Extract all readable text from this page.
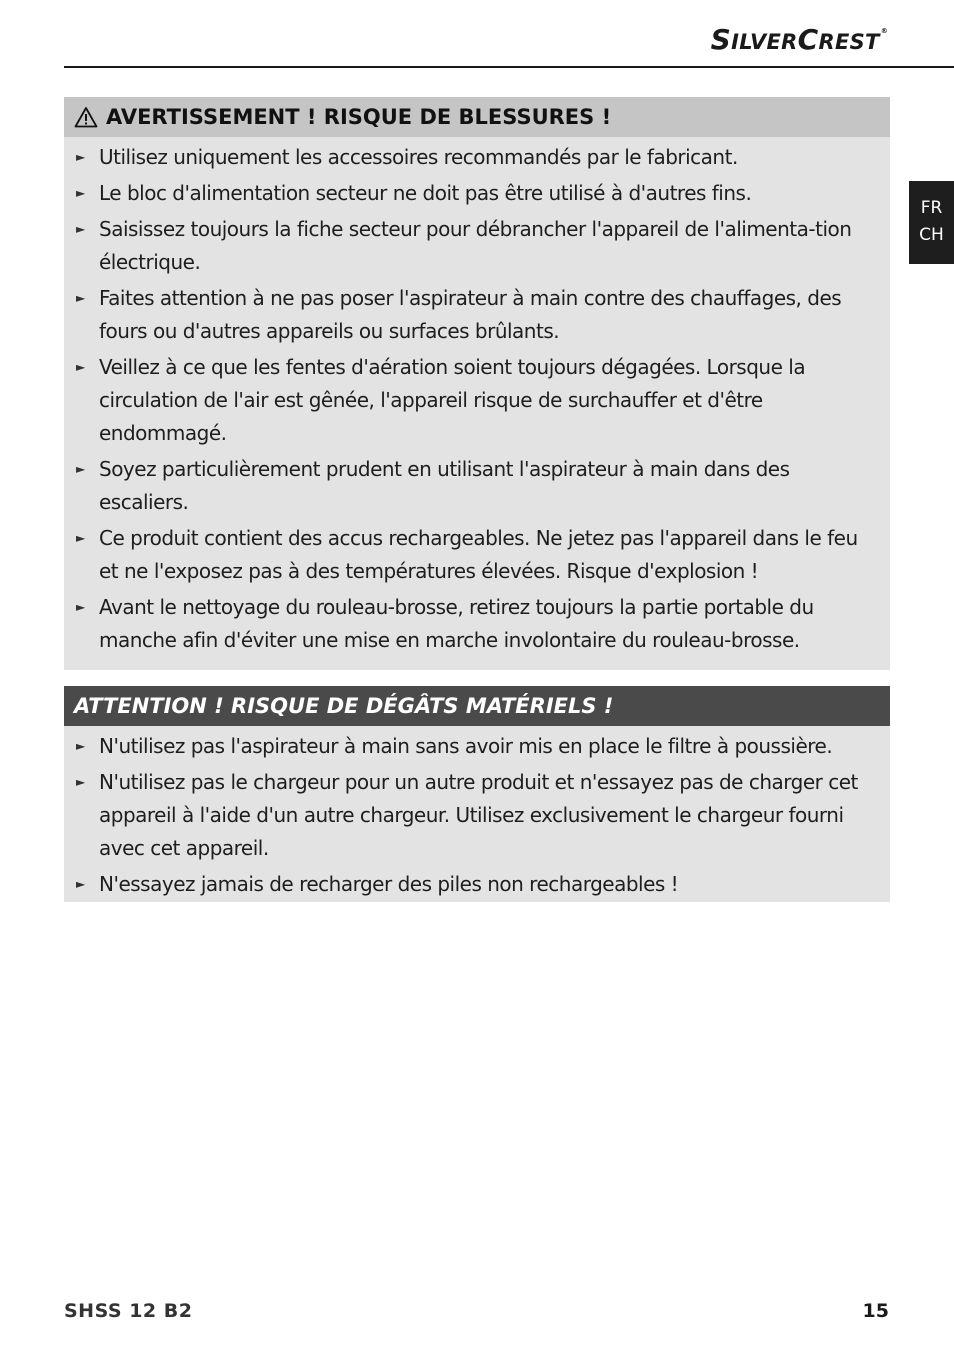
SILVERCREST®
FR
CH
AVERTISSEMENT ! RISQUE DE BLESSURES !
► Utilisez uniquement les accessoires recommandés par le fabricant.
► Le bloc d'alimentation secteur ne doit pas être utilisé à d'autres fins.
► Saisissez toujours la fiche secteur pour débrancher l'appareil de l'alimenta-tion électrique.
► Faites attention à ne pas poser l'aspirateur à main contre des chauffages, des fours ou d'autres appareils ou surfaces brûlants.
► Veillez à ce que les fentes d'aération soient toujours dégagées. Lorsque la circulation de l'air est gênée, l'appareil risque de surchauffer et d'être endommagé.
► Soyez particulièrement prudent en utilisant l'aspirateur à main dans des escaliers.
► Ce produit contient des accus rechargeables. Ne jetez pas l'appareil dans le feu et ne l'exposez pas à des températures élevées. Risque d'explosion !
► Avant le nettoyage du rouleau-brosse, retirez toujours la partie portable du manche afin d'éviter une mise en marche involontaire du rouleau-brosse.
ATTENTION ! RISQUE DE DÉGÂTS MATÉRIELS !
► N'utilisez pas l'aspirateur à main sans avoir mis en place le filtre à poussière.
► N'utilisez pas le chargeur pour un autre produit et n'essayez pas de charger cet appareil à l'aide d'un autre chargeur. Utilisez exclusivement le chargeur fourni avec cet appareil.
► N'essayez jamais de recharger des piles non rechargeables !
SHSS 12 B2	15
